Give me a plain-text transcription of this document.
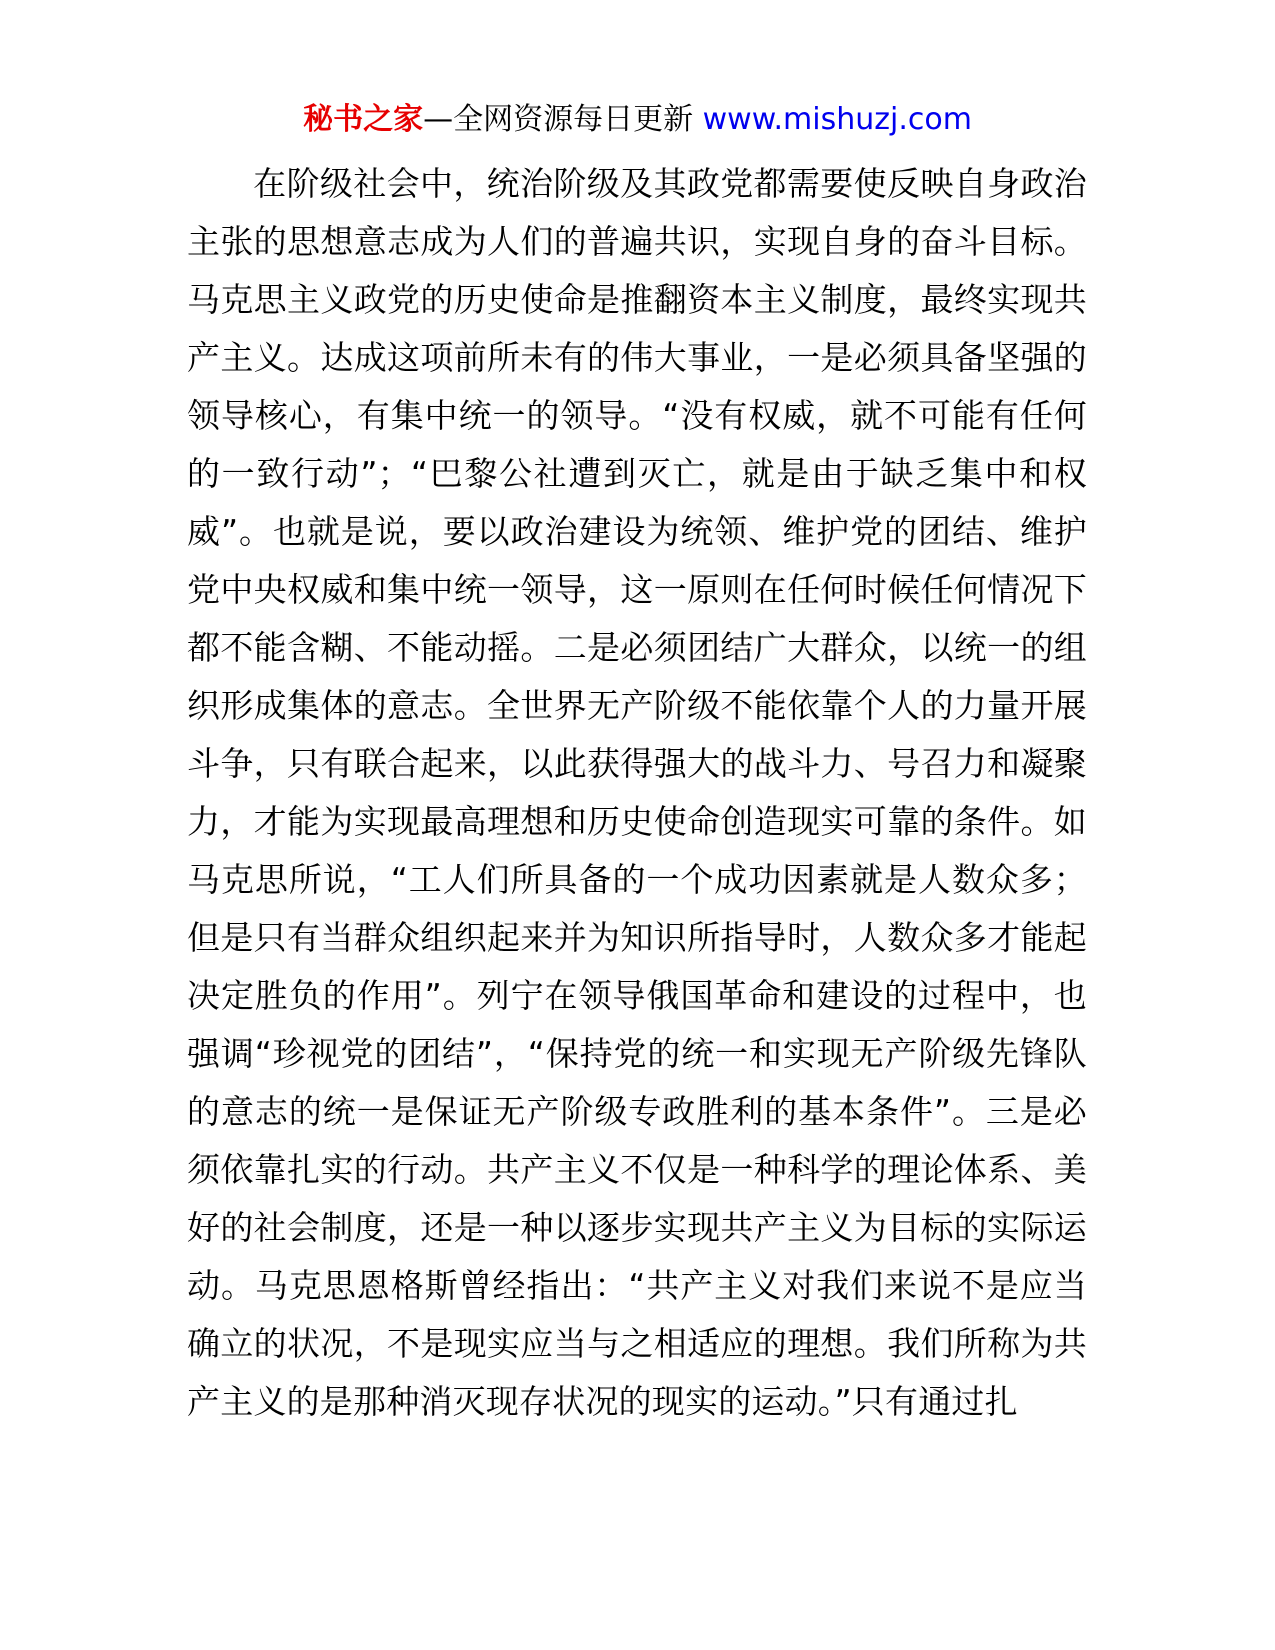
秘书之家—全网资源每日更新 www.mishuzj.com

在阶级社会中，统治阶级及其政党都需要使反映自身政治主张的思想意志成为人们的普遍共识，实现自身的奋斗目标。马克思主义政党的历史使命是推翻资本主义制度，最终实现共产主义。达成这项前所未有的伟大事业，一是必须具备坚强的领导核心，有集中统一的领导。“没有权威，就不可能有任何的一致行动”；“巴黎公社遭到灭亡，就是由于缺乏集中和权威”。也就是说，要以政治建设为统领、维护党的团结、维护党中央权威和集中统一领导，这一原则在任何时候任何情况下都不能含糊、不能动摇。二是必须团结广大群众，以统一的组织形成集体的意志。全世界无产阶级不能依靠个人的力量开展斗争，只有联合起来，以此获得强大的战斗力、号召力和凝聚力，才能为实现最高理想和历史使命创造现实可靠的条件。如马克思所说，“工人们所具备的一个成功因素就是人数众多；但是只有当群众组织起来并为知识所指导时，人数众多才能起决定胜负的作用”。列宁在领导俄国革命和建设的过程中，也强调“珍视党的团结”，“保持党的统一和实现无产阶级先锋队的意志的统一是保证无产阶级专政胜利的基本条件”。三是必须依靠扎实的行动。共产主义不仅是一种科学的理论体系、美好的社会制度，还是一种以逐步实现共产主义为目标的实际运动。马克思恩格斯曾经指出：“共产主义对我们来说不是应当确立的状况，不是现实应当与之相适应的理想。我们所称为共产主义的是那种消灭现存状况的现实的运动。”只有通过扎
